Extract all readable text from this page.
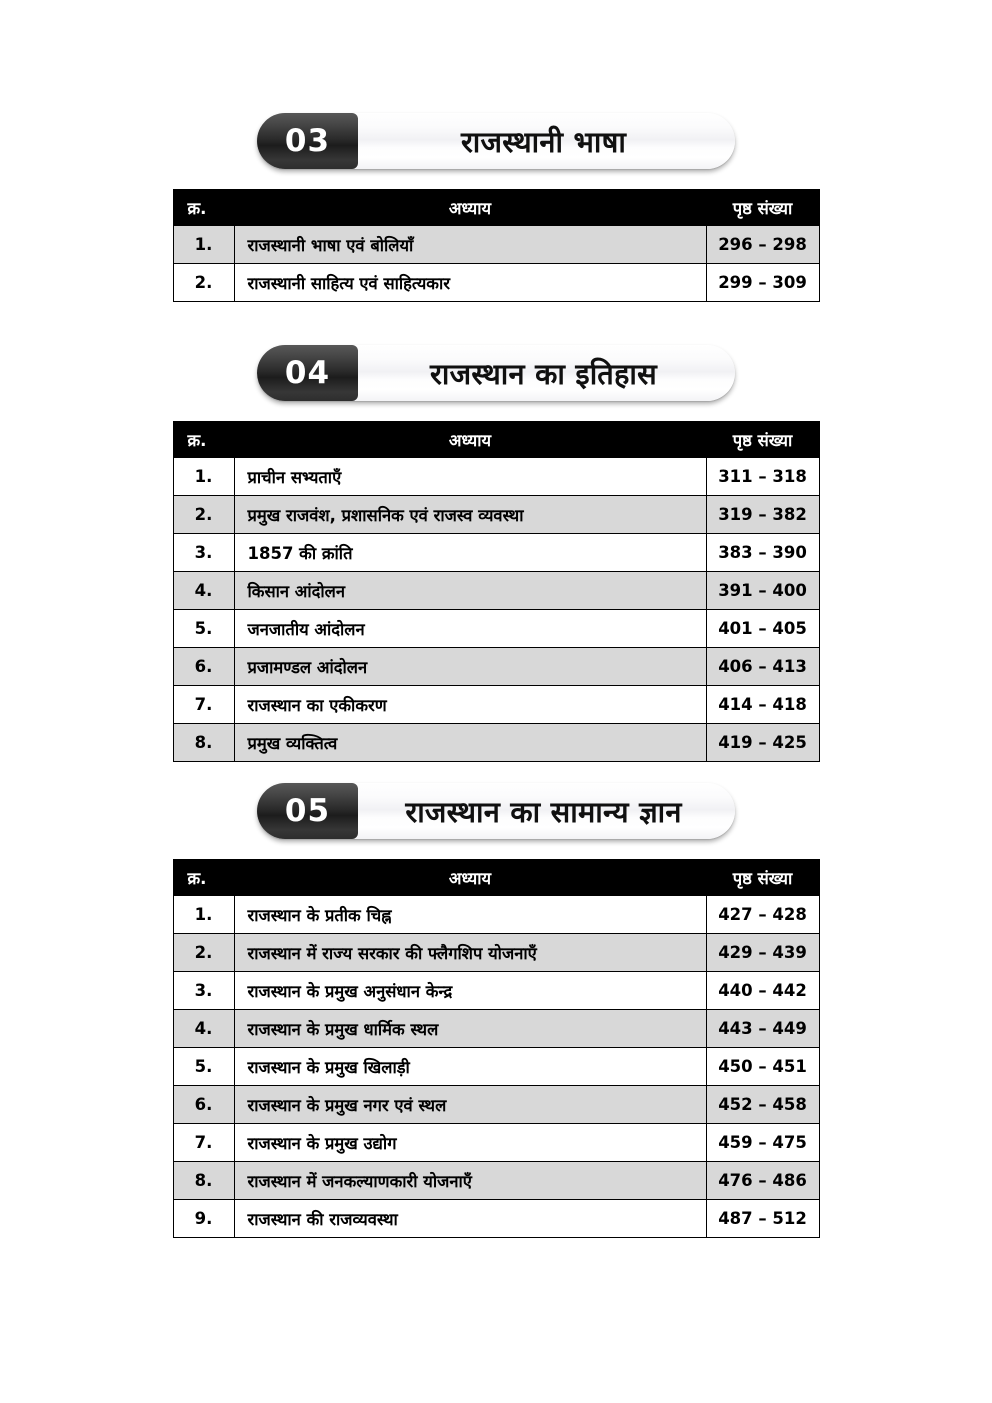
03	राजस्थानी भाषा
क्र.	अध्याय	पृष्ठ संख्या
1.	राजस्थानी भाषा एवं बोलियाँ	296 – 298
2.	राजस्थानी साहित्य एवं साहित्यकार	299 – 309
04	राजस्थान का इतिहास
क्र.	अध्याय	पृष्ठ संख्या
1.	प्राचीन सभ्यताएँ	311 – 318
2.	प्रमुख राजवंश, प्रशासनिक एवं राजस्व व्यवस्था	319 – 382
3.	1857 की क्रांति	383 – 390
4.	किसान आंदोलन	391 – 400
5.	जनजातीय आंदोलन	401 – 405
6.	प्रजामण्डल आंदोलन	406 – 413
7.	राजस्थान का एकीकरण	414 – 418
8.	प्रमुख व्यक्तित्व	419 – 425
05	राजस्थान का सामान्य ज्ञान
क्र.	अध्याय	पृष्ठ संख्या
1.	राजस्थान के प्रतीक चिह्न	427 – 428
2.	राजस्थान में राज्य सरकार की फ्लैगशिप योजनाएँ	429 – 439
3.	राजस्थान के प्रमुख अनुसंधान केन्द्र	440 – 442
4.	राजस्थान के प्रमुख धार्मिक स्थल	443 – 449
5.	राजस्थान के प्रमुख खिलाड़ी	450 – 451
6.	राजस्थान के प्रमुख नगर एवं स्थल	452 – 458
7.	राजस्थान के प्रमुख उद्योग	459 – 475
8.	राजस्थान में जनकल्याणकारी योजनाएँ	476 – 486
9.	राजस्थान की राजव्यवस्था	487 – 512
